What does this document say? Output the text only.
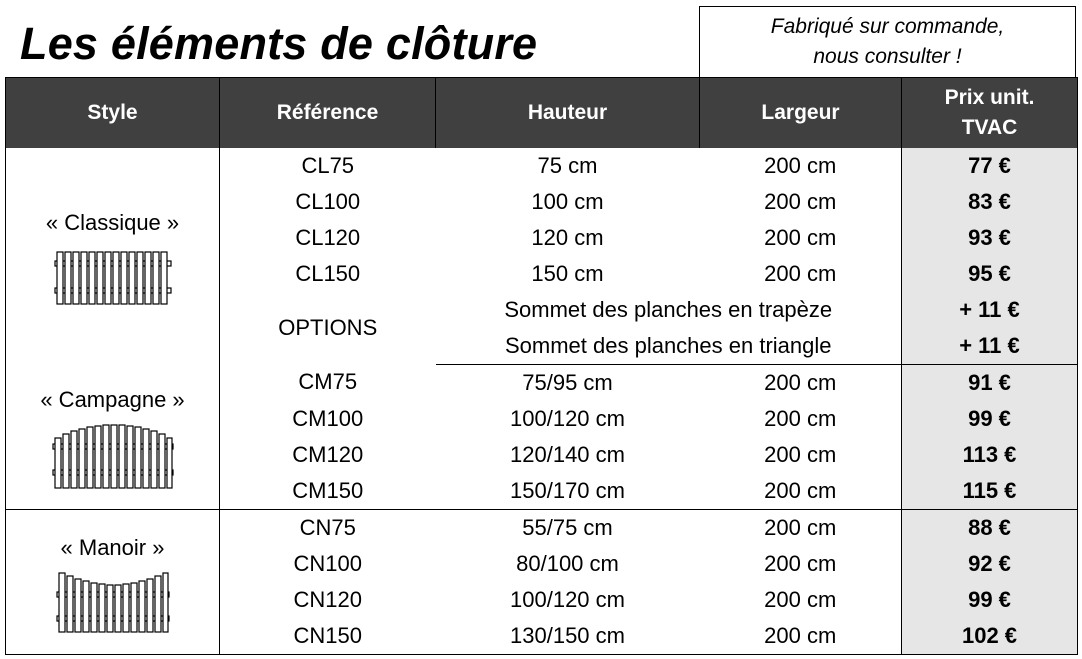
Les éléments de clôture	Fabriqué sur commande,
nous consulter !
Style	Référence	Hauteur	Largeur	Prix unit.
TVAC

« Classique »	CL75	75 cm	200 cm	77 €
	CL100	100 cm	200 cm	83 €
	CL120	120 cm	200 cm	93 €
	CL150	150 cm	200 cm	95 €
	OPTIONS	Sommet des planches en trapèze		+ 11 €
		Sommet des planches en triangle		+ 11 €

« Campagne »	CM75	75/95 cm	200 cm	91 €
	CM100	100/120 cm	200 cm	99 €
	CM120	120/140 cm	200 cm	113 €
	CM150	150/170 cm	200 cm	115 €

« Manoir »	CN75	55/75 cm	200 cm	88 €
	CN100	80/100 cm	200 cm	92 €
	CN120	100/120 cm	200 cm	99 €
	CN150	130/150 cm	200 cm	102 €
